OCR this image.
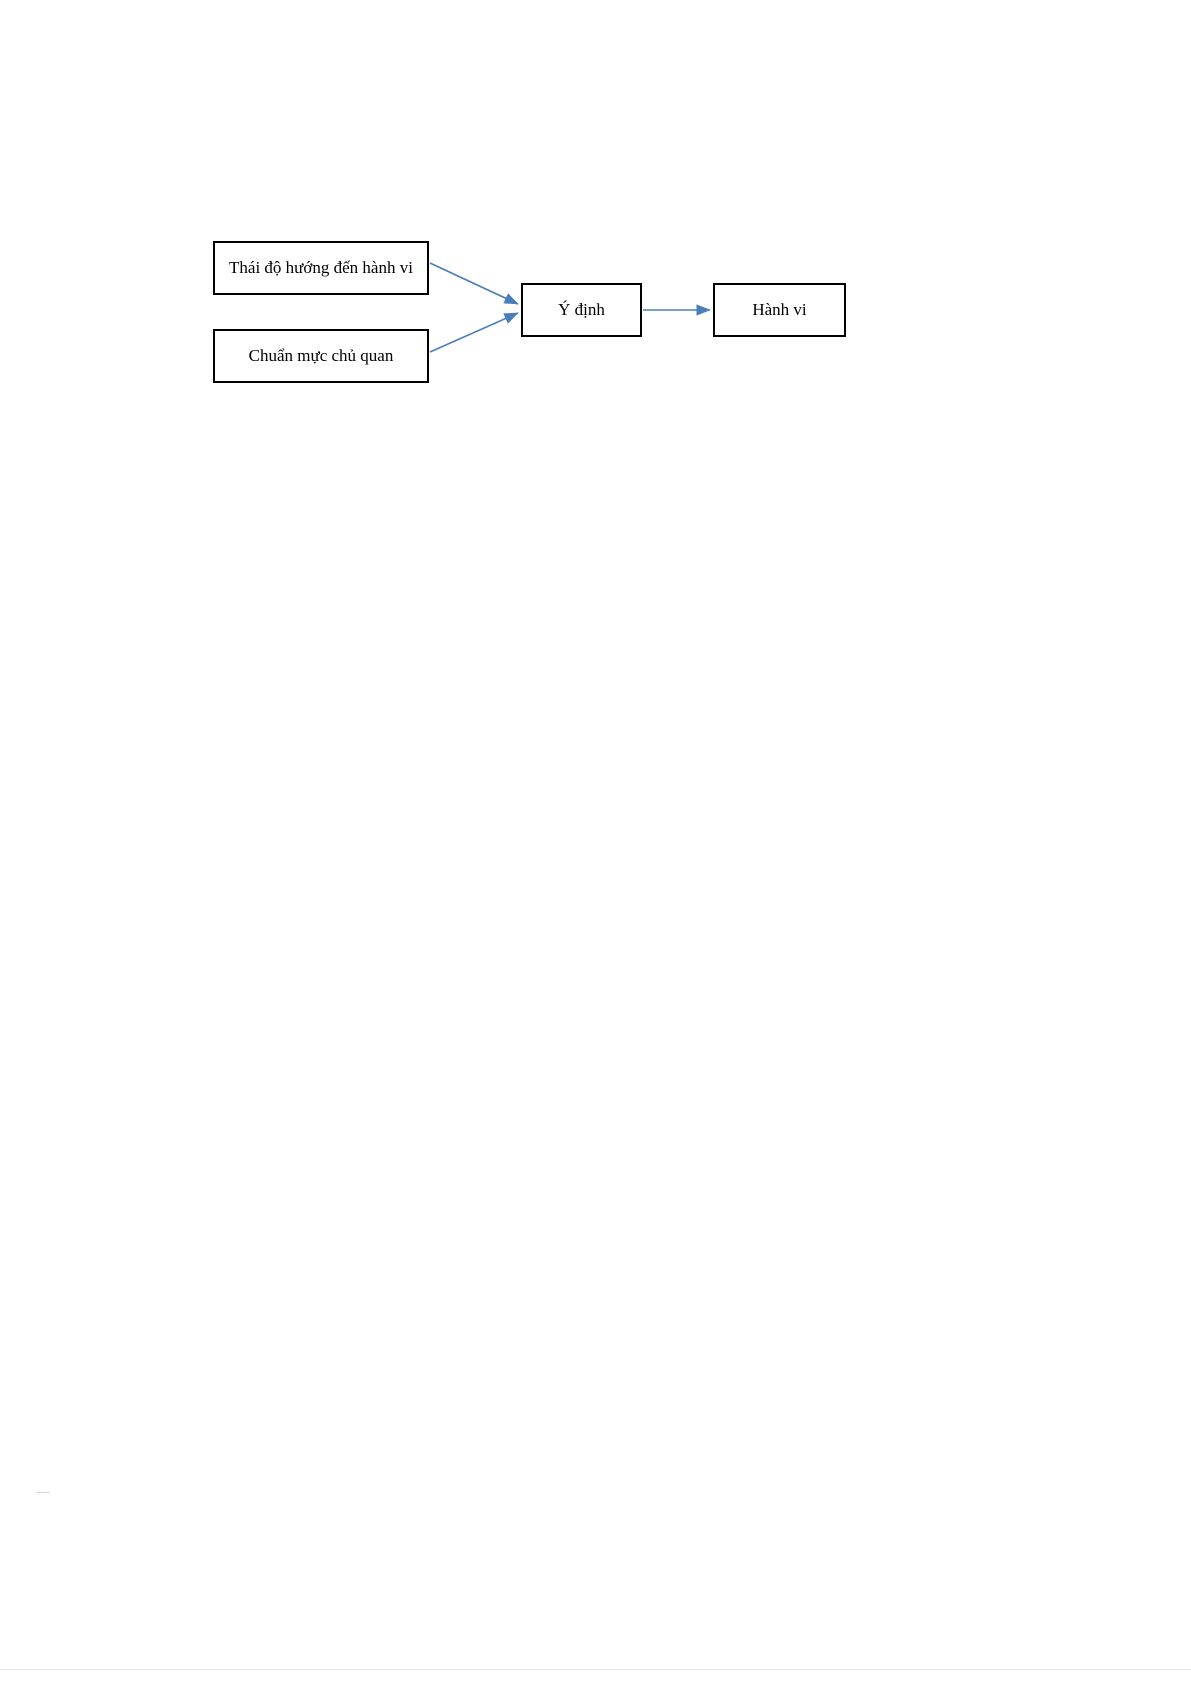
Thái độ hướng đến hành vi
Chuẩn mực chủ quan
Ý định	Hành vi
